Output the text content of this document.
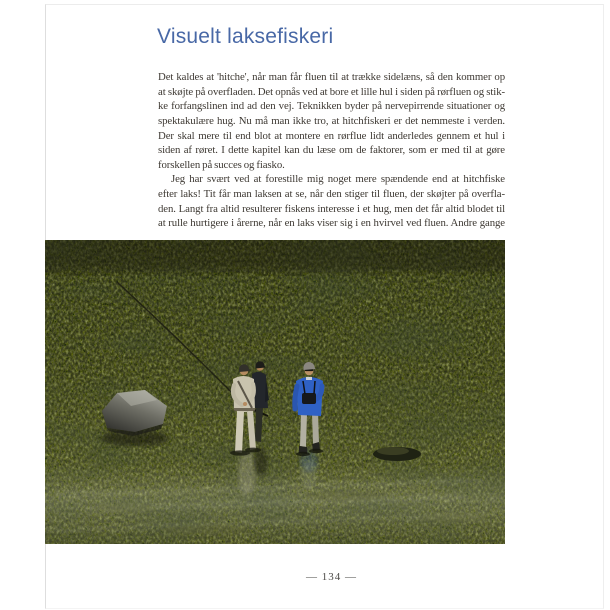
Visuelt laksefiskeri
Det kaldes at 'hitche', når man får fluen til at trække sidelæns, så den kommer op
at skøjte på overfladen. Det opnås ved at bore et lille hul i siden på rørfluen og stik-
ke forfangslinen ind ad den vej. Teknikken byder på nervepirrende situationer og
spektakulære hug. Nu må man ikke tro, at hitchfiskeri er det nemmeste i verden.
Der skal mere til end blot at montere en rørflue lidt anderledes gennem et hul i
siden af røret. I dette kapitel kan du læse om de faktorer, som er med til at gøre
forskellen på succes og fiasko.
Jeg har svært ved at forestille mig noget mere spændende end at hitchfiske
efter laks! Tit får man laksen at se, når den stiger til fluen, der skøjter på overfla-
den. Langt fra altid resulterer fiskens interesse i et hug, men det får altid blodet til
at rulle hurtigere i årerne, når en laks viser sig i en hvirvel ved fluen. Andre gange
— 134 —
